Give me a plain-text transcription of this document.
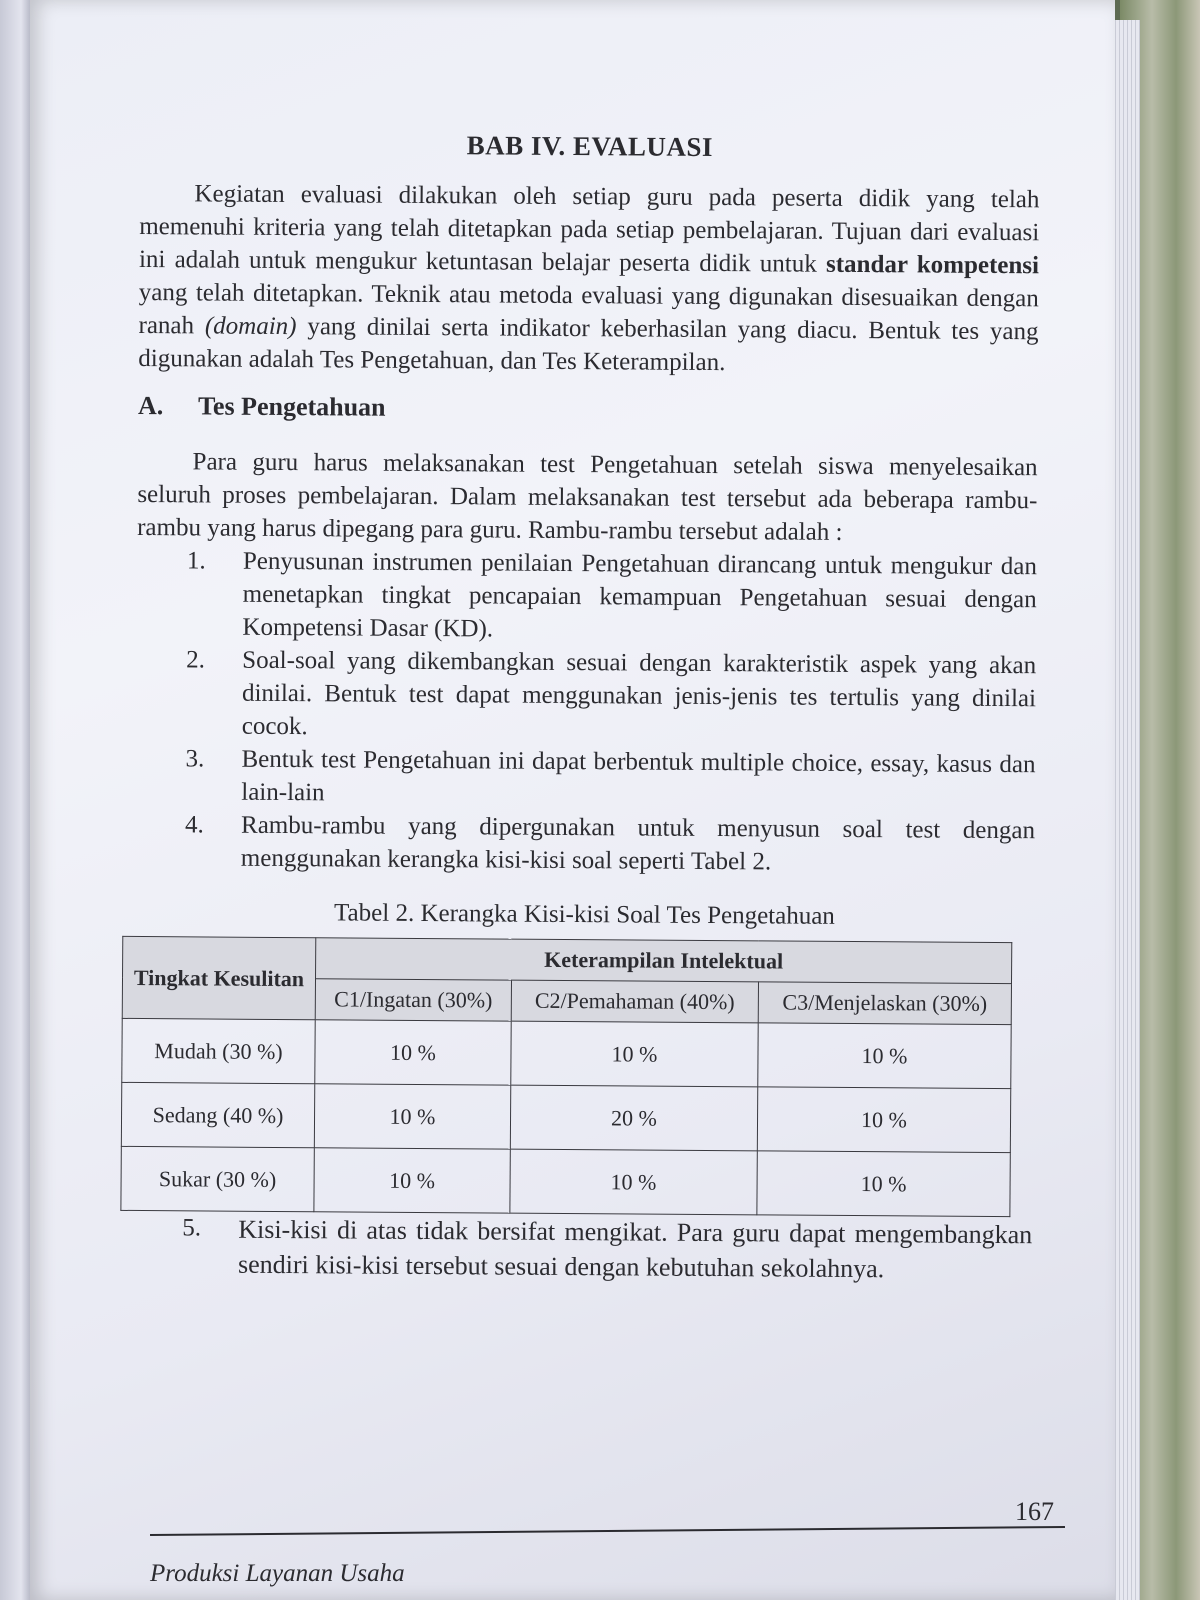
BAB IV. EVALUASI

Kegiatan evaluasi dilakukan oleh setiap guru pada peserta didik yang telah memenuhi kriteria yang telah ditetapkan pada setiap pembelajaran. Tujuan dari evaluasi ini adalah untuk mengukur ketuntasan belajar peserta didik untuk standar kompetensi yang telah ditetapkan. Teknik atau metoda evaluasi yang digunakan disesuaikan dengan ranah (domain) yang dinilai serta indikator keberhasilan yang diacu. Bentuk tes yang digunakan adalah Tes Pengetahuan, dan Tes Keterampilan.

A.	Tes Pengetahuan

Para guru harus melaksanakan test Pengetahuan setelah siswa menyelesaikan seluruh proses pembelajaran. Dalam melaksanakan test tersebut ada beberapa rambu-rambu yang harus dipegang para guru. Rambu-rambu tersebut adalah :

1.	Penyusunan instrumen penilaian Pengetahuan dirancang untuk mengukur dan menetapkan tingkat pencapaian kemampuan Pengetahuan sesuai dengan Kompetensi Dasar (KD).
2.	Soal-soal yang dikembangkan sesuai dengan karakteristik aspek yang akan dinilai. Bentuk test dapat menggunakan jenis-jenis tes tertulis yang dinilai cocok.
3.	Bentuk test Pengetahuan ini dapat berbentuk multiple choice, essay, kasus dan lain-lain
4.	Rambu-rambu yang dipergunakan untuk menyusun soal test dengan menggunakan kerangka kisi-kisi soal seperti Tabel 2.
Tabel 2. Kerangka Kisi-kisi Soal Tes Pengetahuan
Tingkat Kesulitan	Keterampilan Intelektual		
	C1/Ingatan (30%)	C2/Pemahaman (40%)	C3/Menjelaskan (30%)
Mudah (30 %)	10 %	10 %	10 %
Sedang (40 %)	10 %	20 %	10 %
Sukar (30 %)	10 %	10 %	10 %
5.	Kisi-kisi di atas tidak bersifat mengikat. Para guru dapat mengembangkan sendiri kisi-kisi tersebut sesuai dengan kebutuhan sekolahnya.
167
Produksi Layanan Usaha
